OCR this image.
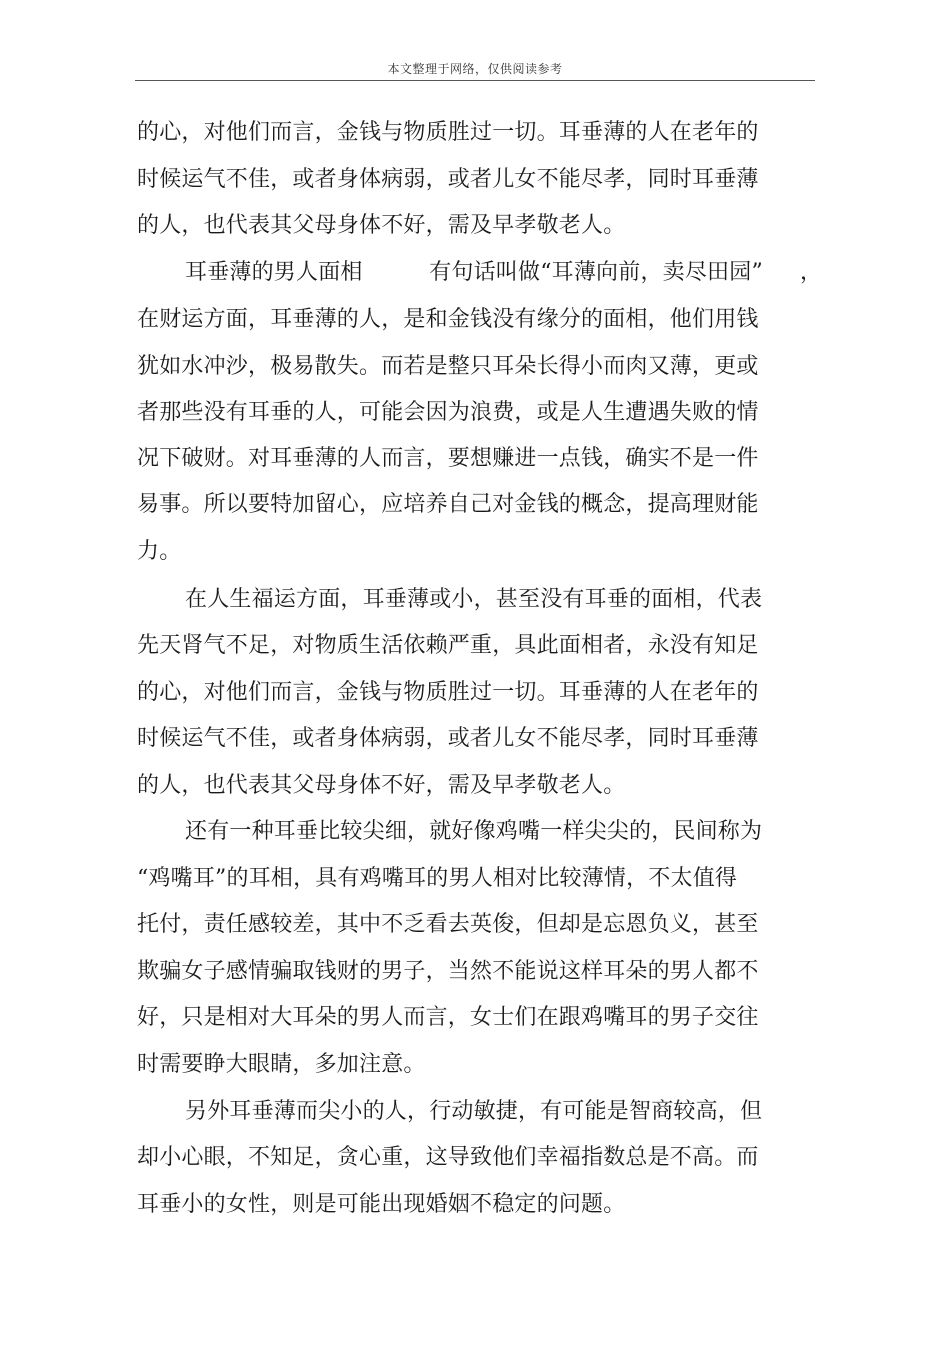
本文整理于网络，仅供阅读参考
的心，对他们而言，金钱与物质胜过一切。耳垂薄的人在老年的
时候运气不佳，或者身体病弱，或者儿女不能尽孝，同时耳垂薄
的人，也代表其父母身体不好，需及早孝敬老人。
耳垂薄的男人面相　　　有句话叫做“耳薄向前，卖尽田园”	，
在财运方面，耳垂薄的人，是和金钱没有缘分的面相，他们用钱
犹如水冲沙，极易散失。而若是整只耳朵长得小而肉又薄，更或
者那些没有耳垂的人，可能会因为浪费，或是人生遭遇失败的情
况下破财。对耳垂薄的人而言，要想赚进一点钱，确实不是一件
易事。所以要特加留心，应培养自己对金钱的概念，提高理财能
力。
在人生福运方面，耳垂薄或小，甚至没有耳垂的面相，代表
先天肾气不足，对物质生活依赖严重，具此面相者，永没有知足
的心，对他们而言，金钱与物质胜过一切。耳垂薄的人在老年的
时候运气不佳，或者身体病弱，或者儿女不能尽孝，同时耳垂薄
的人，也代表其父母身体不好，需及早孝敬老人。
还有一种耳垂比较尖细，就好像鸡嘴一样尖尖的，民间称为
“鸡嘴耳”的耳相，具有鸡嘴耳的男人相对比较薄情，不太值得
托付，责任感较差，其中不乏看去英俊，但却是忘恩负义，甚至
欺骗女子感情骗取钱财的男子，当然不能说这样耳朵的男人都不
好，只是相对大耳朵的男人而言，女士们在跟鸡嘴耳的男子交往
时需要睁大眼睛，多加注意。
另外耳垂薄而尖小的人，行动敏捷，有可能是智商较高，但
却小心眼，不知足，贪心重，这导致他们幸福指数总是不高。而
耳垂小的女性，则是可能出现婚姻不稳定的问题。
